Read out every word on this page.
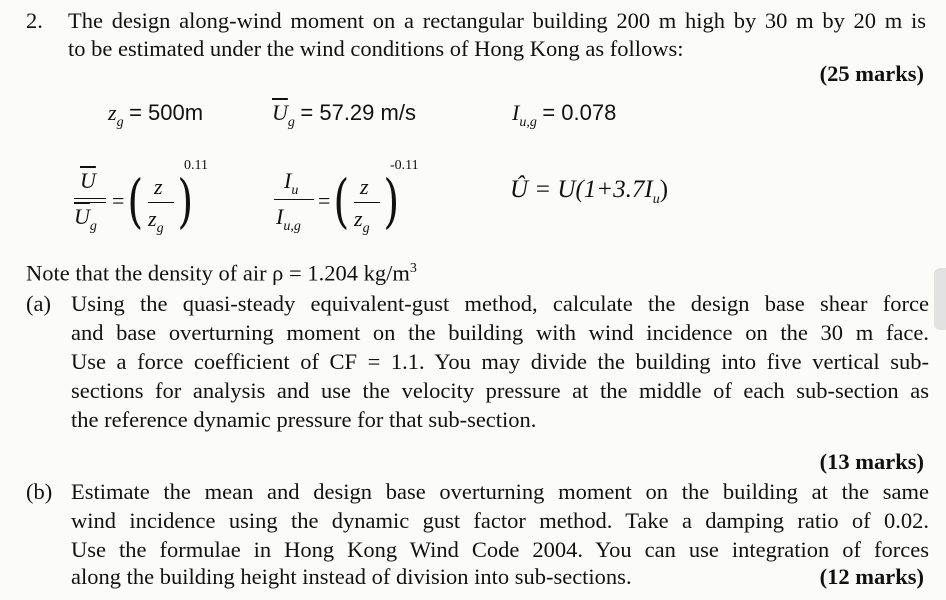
2. The design along-wind moment on a rectangular building 200 m high by 30 m by 20 m is
to be estimated under the wind conditions of Hong Kong as follows:
(25 marks)
$z_g = 500m$	$\overline{U}_g = 57.29$ m/s	$I_{u,g} = 0.078$
$\overline{U}$
$\overline{U}_g$
= ( z
$z_g$ )
0.11
$I_u$
$I_{u,g}$
= ( z
$z_g$ )
-0.11
Û = $U(1+3.7I_u)$
Note that the density of air ρ = 1.204 $kg/m^3$
(a) Using the quasi-steady equivalent-gust method, calculate the design base shear force
and base overturning moment on the building with wind incidence on the 30 m face.
Use a force coefficient of CF = 1.1. You may divide the building into five vertical sub-
sections for analysis and use the velocity pressure at the middle of each sub-section as
the reference dynamic pressure for that sub-section.
(13 marks)
(b) Estimate the mean and design base overturning moment on the building at the same
wind incidence using the dynamic gust factor method. Take a damping ratio of 0.02.
Use the formulae in Hong Kong Wind Code 2004. You can use integration of forces
along the building height instead of division into sub-sections.	(12 marks)
